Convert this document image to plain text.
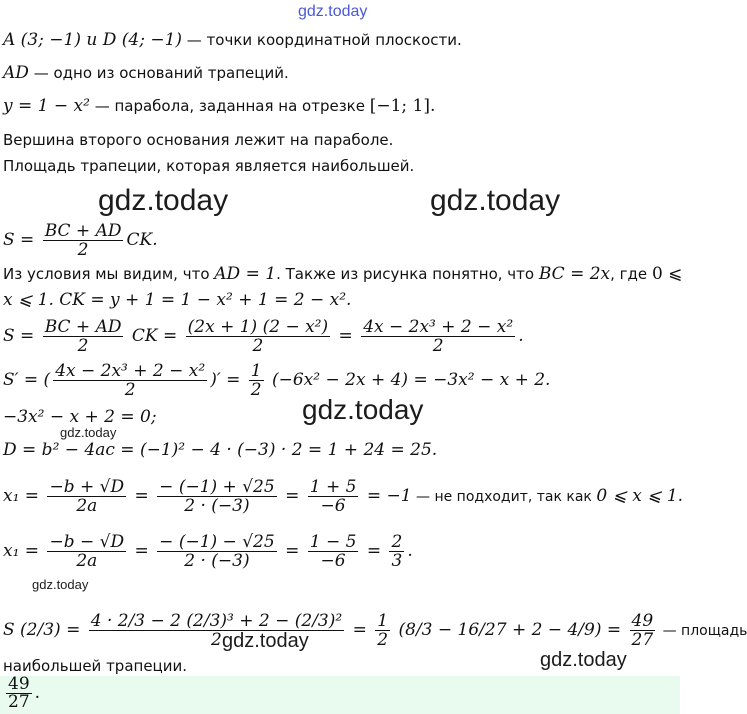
gdz.today
A (3; −1) и D (4; −1) — точки координатной плоскости.
AD — одно из оснований трапеций.
y = 1 − x² — парабола, заданная на отрезке [−1; 1].
Вершина второго основания лежит на параболе.
Площадь трапеции, которая является наибольшей.
gdz.today	gdz.today
$S = \frac{BC + AD}{2}$ CK.
Из условия мы видим, что AD = 1. Также из рисунка понятно, что BC = 2x, где 0 ⩽
x ⩽ 1. CK = y + 1 = 1 − x² + 1 = 2 − x².
$S = \frac{BC + AD}{2}$ CK = $\frac{\text{(2x + 1) (2 − x²)}}{2} = \frac{\text{4x − 2x³ + 2 − x²}}{2}$ .
S′ = ( $\frac{\text{4x − 2x³ + 2 − x²}}{2}$ )′ = $\frac{1}{2} (-6x^2 - 2x + 4) = -3x^2 - x + 2$.
gdz.today
−3x² − x + 2 = 0;
gdz.today
D = b² − 4ac = (−1)² − 4 · (−3) · 2 = 1 + 24 = 25.
$x_1 = \frac{-b + √D}{2a} = \frac{- (-1) + √25}{2 \cdot (-3)} = \frac{1 + 5}{-6} = -1$ — не подходит, так как 0 ⩽ x ⩽ 1.
$x_1 = \frac{-b - √D}{2a} = \frac{- (-1) - √25}{2 \cdot (-3)} = \frac{1 - 5}{-6} = \frac{2}{3}$ .
gdz.today
S $(2/3) = \frac{\text{4 · 2/3 − 2 (2/3)³ + 2 − (2/3)²}}{2} = \frac{1}{2} (8/3 - 16/27 + 2 - 4/9) = \frac{49}{27}$ — площадь
gdz.today
наибольшей трапеции.	gdz.today
$\frac{49}{27}$ .
